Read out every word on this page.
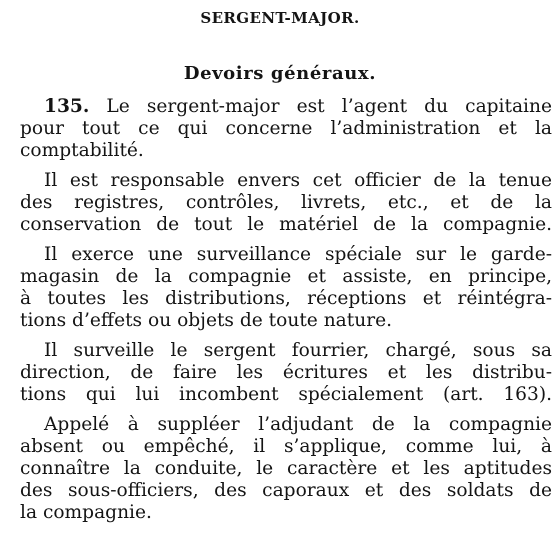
SERGENT-MAJOR.
Devoirs généraux.
135. Le sergent-major est l’agent du capitaine
pour tout ce qui concerne l’administration et la
comptabilité.
Il est responsable envers cet officier de la tenue
des registres, contrôles, livrets, etc., et de la
conservation de tout le matériel de la compagnie.
Il exerce une surveillance spéciale sur le garde-
magasin de la compagnie et assiste, en principe,
à toutes les distributions, réceptions et réintégra-
tions d’effets ou objets de toute nature.
Il surveille le sergent fourrier, chargé, sous sa
direction, de faire les écritures et les distribu-
tions qui lui incombent spécialement (art. 163).
Appelé à suppléer l’adjudant de la compagnie
absent ou empêché, il s’applique, comme lui, à
connaître la conduite, le caractère et les aptitudes
des sous-officiers, des caporaux et des soldats de
la compagnie.
